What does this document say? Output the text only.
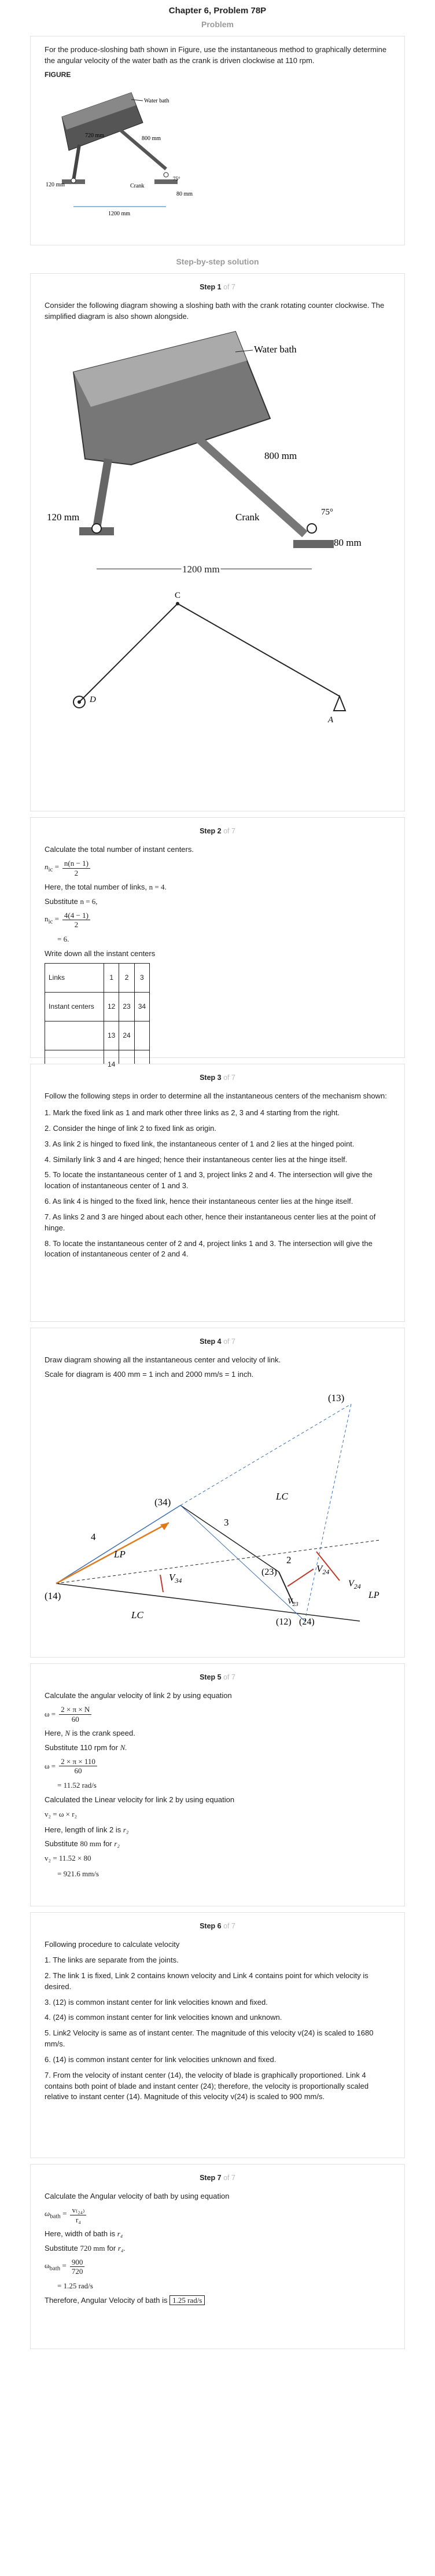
Chapter 6, Problem 78P
Problem

For the produce-sloshing bath shown in Figure, use the instantaneous method to graphically determine the angular velocity of the water bath as the crank is driven clockwise at 110 rpm.

FIGURE
Water bath
720 mm	800 mm
120 mm	Crank
75°
80 mm
1200 mm
Step-by-step solution
Step 1 of 7

Consider the following diagram showing a sloshing bath with the crank rotating counter clockwise. The simplified diagram is also shown alongside.

Water bath
800 mm
120 mm	Crank	75°
80 mm
1200 mm
C
D
A
Step 2 of 7

Calculate the total number of instant centers.

$n_{ic} = \frac{n(n - 1)}{2}$

Here, the total number of links, n = 4.

Substitute n = 6,

$n_{ic} = \frac{4(4 - 1)}{2}$
= 6.

Write down all the instant centers

Links	1	2	3
Instant centers	12	23	34
	13	24	
	14		
Step 3 of 7

Follow the following steps in order to determine all the instantaneous centers of the mechanism shown:

1. Mark the fixed link as 1 and mark other three links as 2, 3 and 4 starting from the right.
2. Consider the hinge of link 2 to fixed link as origin.
3. As link 2 is hinged to fixed link, the instantaneous center of 1 and 2 lies at the hinged point.
4. Similarly link 3 and 4 are hinged; hence their instantaneous center lies at the hinge itself.
5. To locate the instantaneous center of 1 and 3, project links 2 and 4. The intersection will give the location of instantaneous center of 1 and 3.
6. As link 4 is hinged to the fixed link, hence their instantaneous center lies at the hinge itself.
7. As links 2 and 3 are hinged about each other, hence their instantaneous center lies at the point of hinge.
8. To locate the instantaneous center of 2 and 4, project links 1 and 3. The intersection will give the location of instantaneous center of 2 and 4.
Step 4 of 7

Draw diagram showing all the instantaneous center and velocity of link.

Scale for diagram is 400 mm = 1 inch and 2000 mm/s = 1 inch.

(13)
(34)
(14)
(23)
(12) (24)
LC
LC
LP
LP
4
3
2
$V_{34}$
$V_{24}$
$V_{24}$
$V_{23}$
Step 5 of 7

Calculate the angular velocity of link 2 by using equation

$\omega = \frac{2 \times \pi \times N}{60}$

Here, N is the crank speed.

Substitute 110 rpm for N.

$\omega = \frac{2 \times \pi \times 110}{60}$
= 11.52 rad/s

Calculated the Linear velocity for link 2 by using equation

v₂ = ω × r₂

Here, length of link 2 is r₂

Substitute 80 mm for r₂

v₂ = 11.52 × 80
= 921.6 mm/s
Step 6 of 7

Following procedure to calculate velocity

1. The links are separate from the joints.
2. The link 1 is fixed, Link 2 contains known velocity and Link 4 contains point for which velocity is desired.
3. (12) is common instant center for link velocities known and fixed.
4. (24) is common instant center for link velocities known and unknown.
5. Link2 Velocity is same as of instant center. The magnitude of this velocity v(24) is scaled to 1680 mm/s.
6. (14) is common instant center for link velocities unknown and fixed.
7. From the velocity of instant center (14), the velocity of blade is graphically proportioned. Link 4 contains both point of blade and instant center (24); therefore, the velocity is proportionally scaled relative to instant center (14). Magnitude of this velocity v(24) is scaled to 900 mm/s.
Step 7 of 7

Calculate the Angular velocity of bath by using equation

$\omega_{bath} = \frac{\text{v₍₂₄₎}}{\text{r₄}}$

Here, width of bath is r₄

Substitute 720 mm for r₄.

$\omega_{bath} = \frac{900}{720}$
= 1.25 rad/s

Therefore, Angular Velocity of bath is 1.25 rad/s
